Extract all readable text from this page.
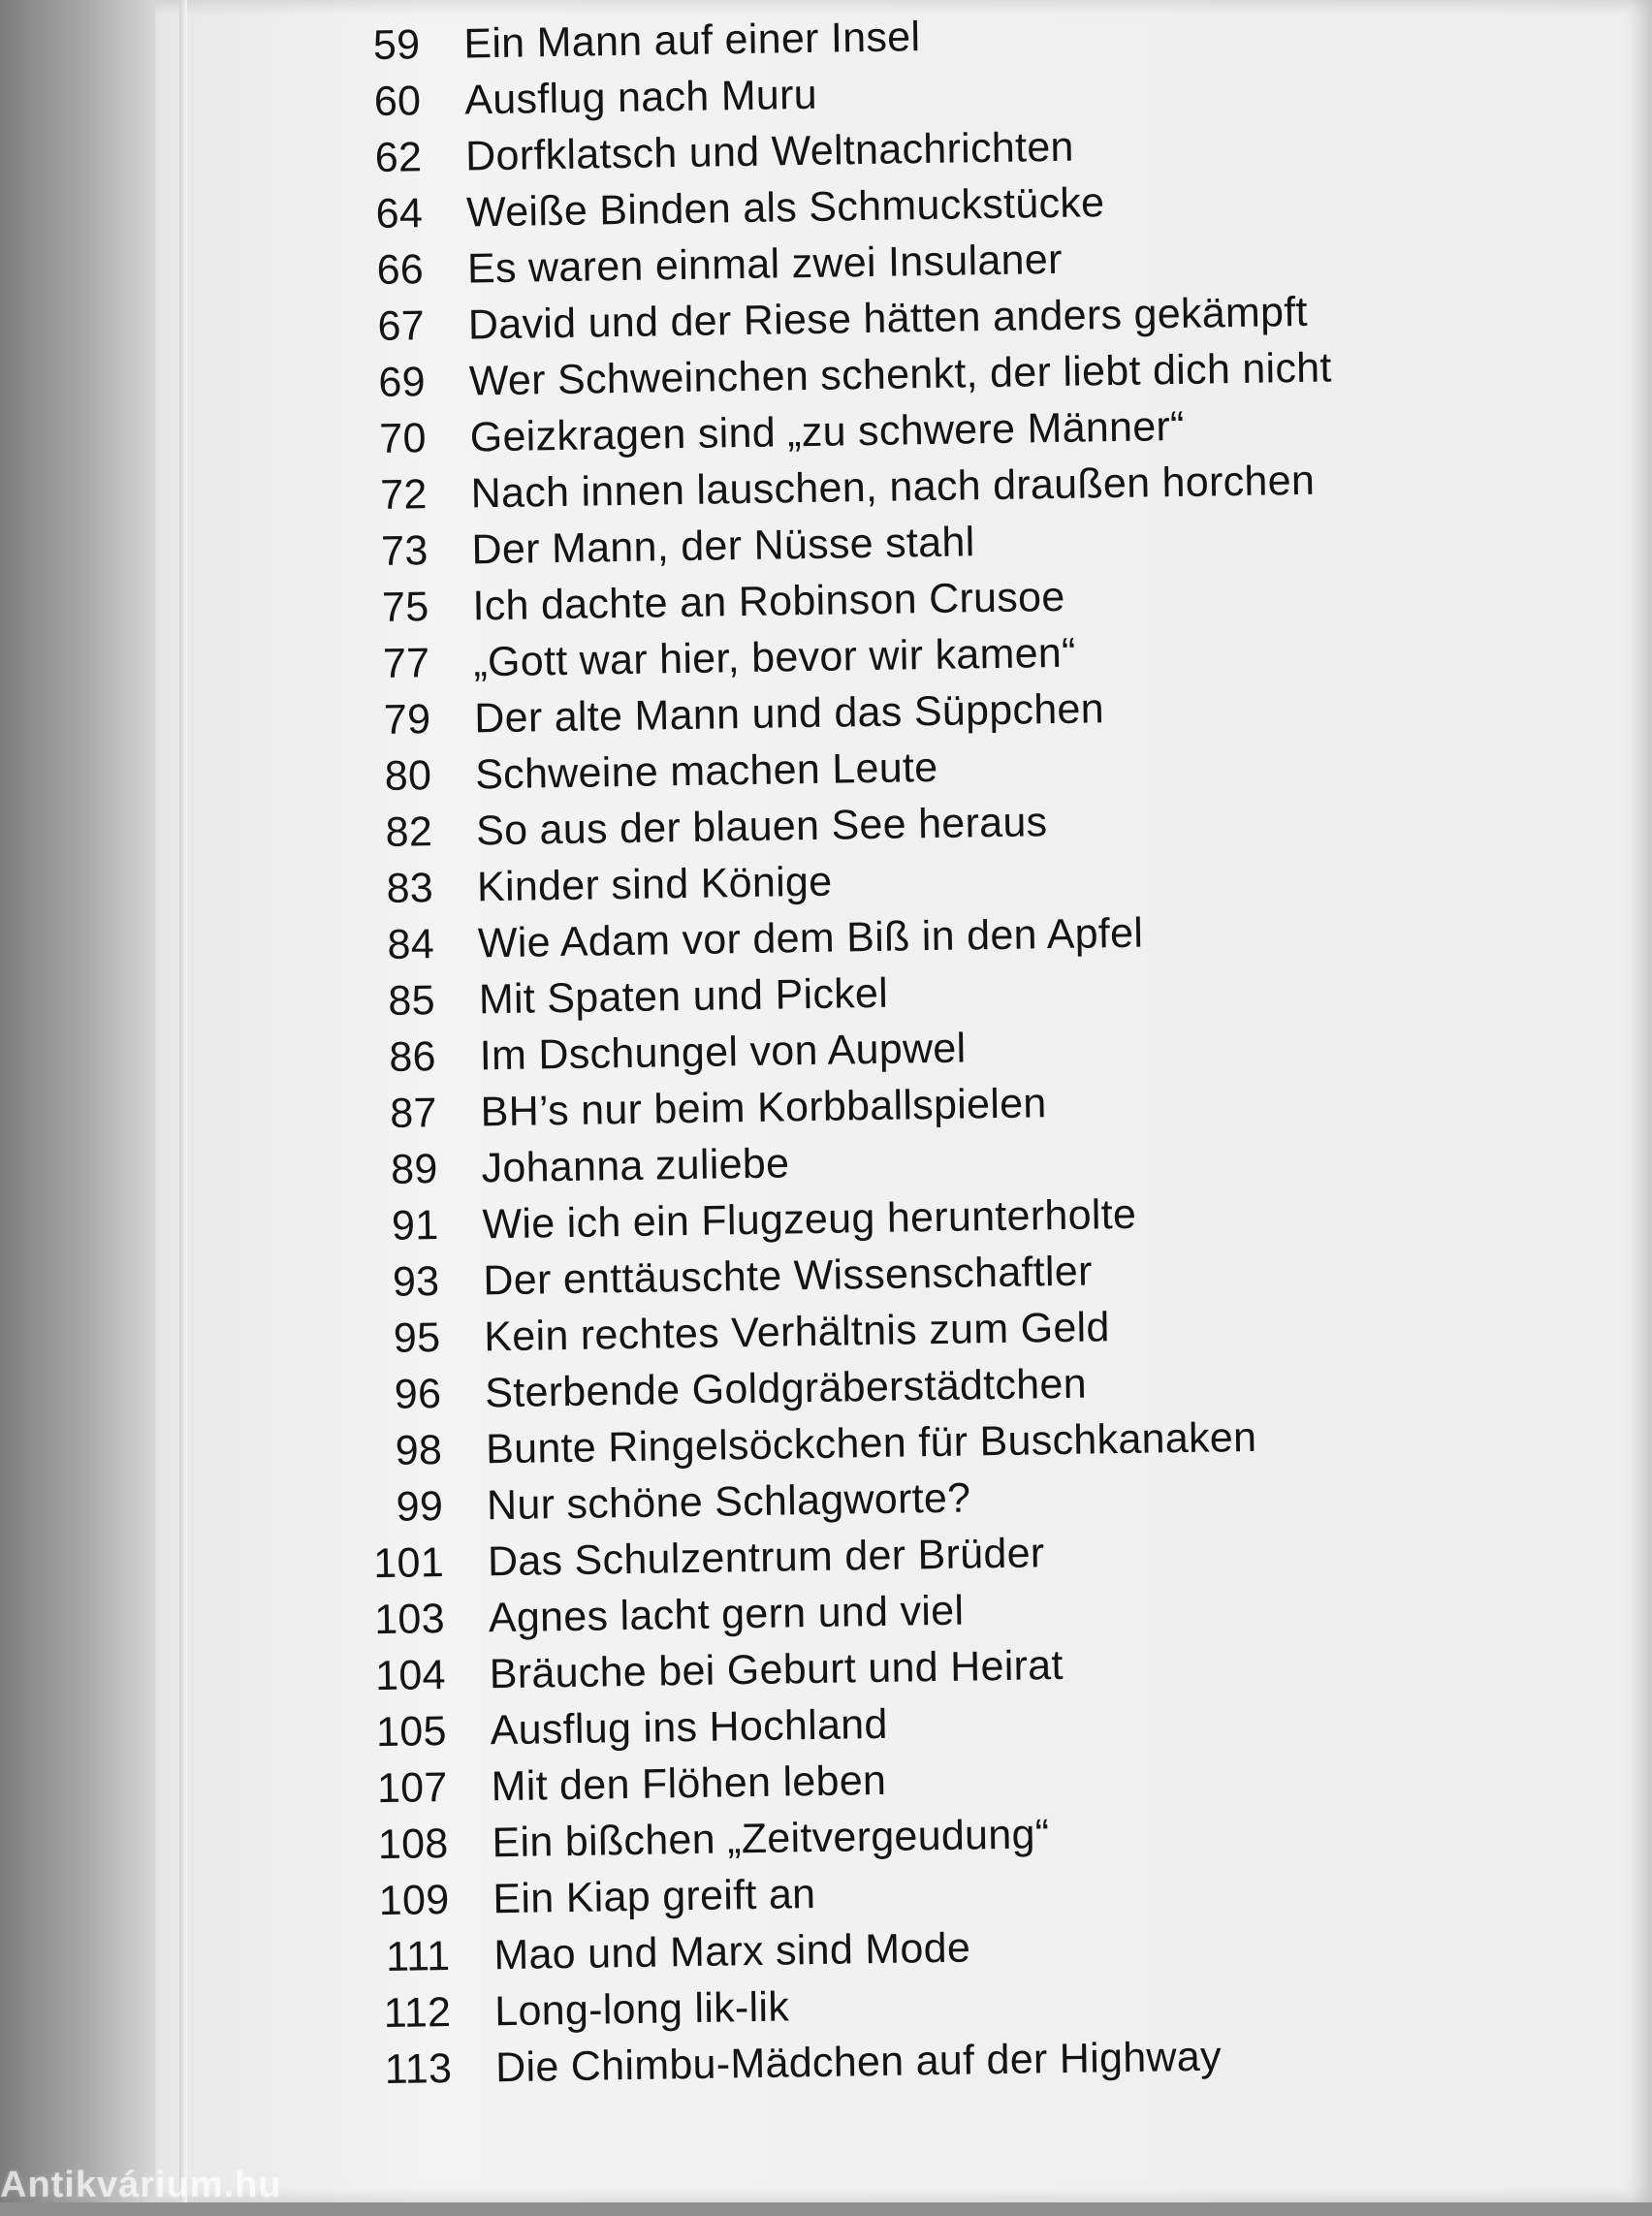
59 Ein Mann auf einer Insel
60 Ausflug nach Muru
62 Dorfklatsch und Weltnachrichten
64 Weiße Binden als Schmuckstücke
66 Es waren einmal zwei Insulaner
67 David und der Riese hätten anders gekämpft
69 Wer Schweinchen schenkt, der liebt dich nicht
70 Geizkragen sind „zu schwere Männer“
72 Nach innen lauschen, nach draußen horchen
73 Der Mann, der Nüsse stahl
75 Ich dachte an Robinson Crusoe
77 „Gott war hier, bevor wir kamen“
79 Der alte Mann und das Süppchen
80 Schweine machen Leute
82 So aus der blauen See heraus
83 Kinder sind Könige
84 Wie Adam vor dem Biß in den Apfel
85 Mit Spaten und Pickel
86 Im Dschungel von Aupwel
87 BH’s nur beim Korbballspielen
89 Johanna zuliebe
91 Wie ich ein Flugzeug herunterholte
93 Der enttäuschte Wissenschaftler
95 Kein rechtes Verhältnis zum Geld
96 Sterbende Goldgräberstädtchen
98 Bunte Ringelsöckchen für Buschkanaken
99 Nur schöne Schlagworte?
101 Das Schulzentrum der Brüder
103 Agnes lacht gern und viel
104 Bräuche bei Geburt und Heirat
105 Ausflug ins Hochland
107 Mit den Flöhen leben
108 Ein bißchen „Zeitvergeudung“
109 Ein Kiap greift an
111 Mao und Marx sind Mode
112 Long-long lik-lik
113 Die Chimbu-Mädchen auf der Highway
Antikvárium.hu
